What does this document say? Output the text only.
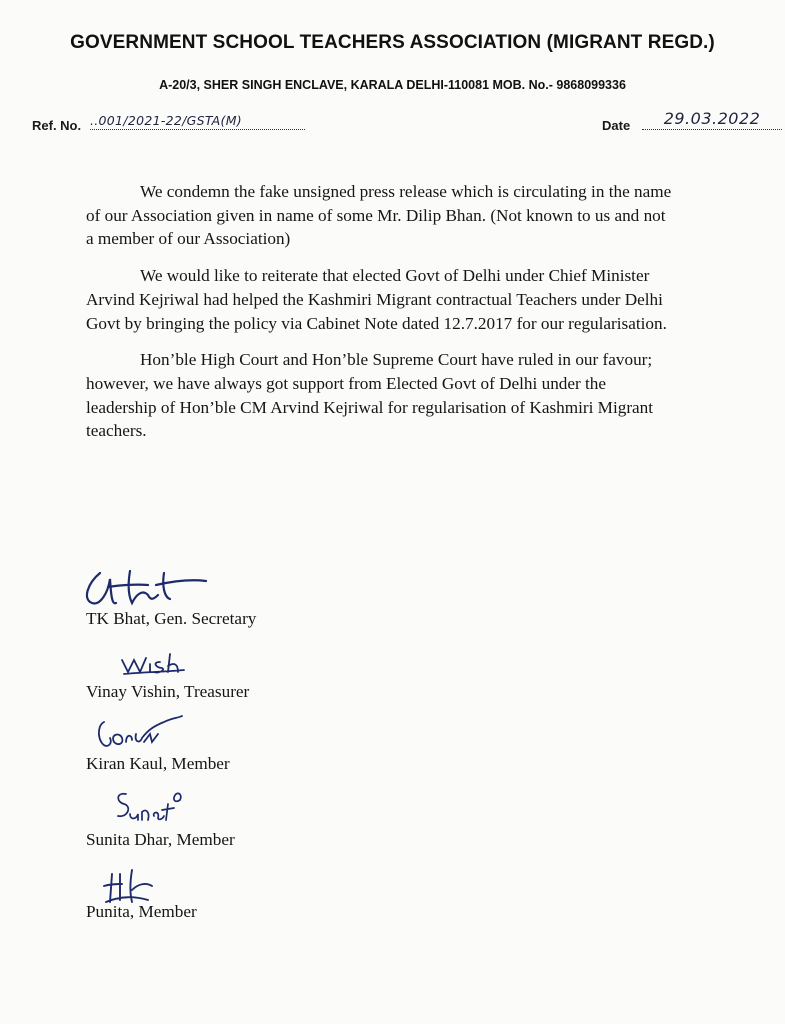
GOVERNMENT SCHOOL TEACHERS ASSOCIATION (MIGRANT REGD.)
A-20/3, SHER SINGH ENCLAVE, KARALA DELHI-110081 MOB. No.- 9868099336
Ref. No. ..001/2021-22/GSTA(M)	Date	29.03.2022

We condemn the fake unsigned press release which is circulating in the name of our Association given in name of some Mr. Dilip Bhan. (Not known to us and not a member of our Association)

We would like to reiterate that elected Govt of Delhi under Chief Minister Arvind Kejriwal had helped the Kashmiri Migrant contractual Teachers under Delhi Govt by bringing the policy via Cabinet Note dated 12.7.2017 for our regularisation.

Hon’ble High Court and Hon’ble Supreme Court have ruled in our favour; however, we have always got support from Elected Govt of Delhi under the leadership of Hon’ble CM Arvind Kejriwal for regularisation of Kashmiri Migrant teachers.

TK Bhat, Gen. Secretary
Vinay Vishin, Treasurer
Kiran Kaul, Member
Sunita Dhar, Member
Punita, Member
